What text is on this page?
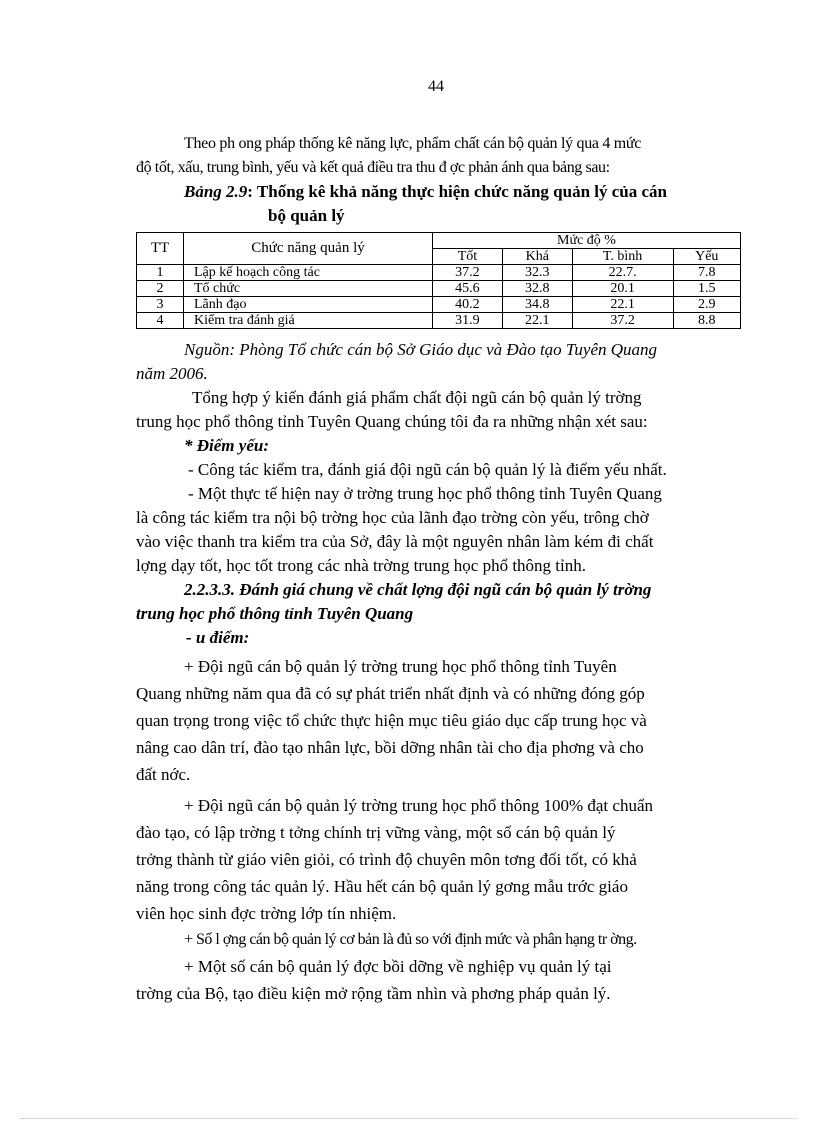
44

Theo ph ong pháp thống kê năng lực, phẩm chất cán bộ quản lý qua 4 mức

độ tốt, xấu, trung bình, yếu và kết quả điều tra thu đ ợc phản ánh qua bảng sau:

Bảng 2.9: Thống kê khả năng thực hiện chức năng quản lý của cán
bộ quản lý
TT	Chức năng quản lý	Mức độ %			
		Tốt	Khá	T. bình	Yếu
1	Lập kế hoạch công tác	37.2	32.3	22.7.	7.8
2	Tổ chức	45.6	32.8	20.1	1.5
3	Lãnh đạo	40.2	34.8	22.1	2.9
4	Kiểm tra đánh giá	31.9	22.1	37.2	8.8

Nguồn: Phòng Tổ chức cán bộ Sở Giáo dục và Đào tạo Tuyên Quang

năm 2006.

Tổng hợp ý kiến đánh giá phẩm chất đội ngũ cán bộ quản lý trờng

trung học phổ thông tỉnh Tuyên Quang chúng tôi đa ra những nhận xét sau:

* Điểm yếu:

- Công tác kiểm tra, đánh giá đội ngũ cán bộ quản lý là điểm yếu nhất.

- Một thực tế hiện nay ở trờng trung học phổ thông tỉnh Tuyên Quang

là công tác kiểm tra nội bộ trờng học của lãnh đạo trờng còn yếu, trông chờ

vào việc thanh tra kiểm tra của Sở, đây là một nguyên nhân làm kém đi chất

lợng dạy tốt, học tốt trong các nhà trờng trung học phổ thông tỉnh.

2.2.3.3. Đánh giá chung về chất lợng đội ngũ cán bộ quản lý trờng

trung học phổ thông tỉnh Tuyên Quang

- u điểm:

+ Đội ngũ cán bộ quản lý trờng trung học phổ thông tỉnh Tuyên

Quang những năm qua đã có sự phát triển nhất định và có những đóng góp

quan trọng trong việc tổ chức thực hiện mục tiêu giáo dục cấp trung học và

nâng cao dân trí, đào tạo nhân lực, bồi dỡng nhân tài cho địa phơng và cho

đất nớc.

+ Đội ngũ cán bộ quản lý trờng trung học phổ thông 100% đạt chuẩn

đào tạo, có lập trờng t tởng chính trị vững vàng, một số cán bộ quản lý

trởng thành từ giáo viên giỏi, có trình độ chuyên môn tơng đối tốt, có khả

năng trong công tác quản lý. Hầu hết cán bộ quản lý gơng mẫu trớc giáo

viên học sinh đợc trờng lớp tín nhiệm.

+ Số l ợng cán bộ quản lý cơ bản là đủ so với định mức và phân hạng tr ờng.

+ Một số cán bộ quản lý đợc bồi dỡng về nghiệp vụ quản lý tại

trờng của Bộ, tạo điều kiện mở rộng tầm nhìn và phơng pháp quản lý.
